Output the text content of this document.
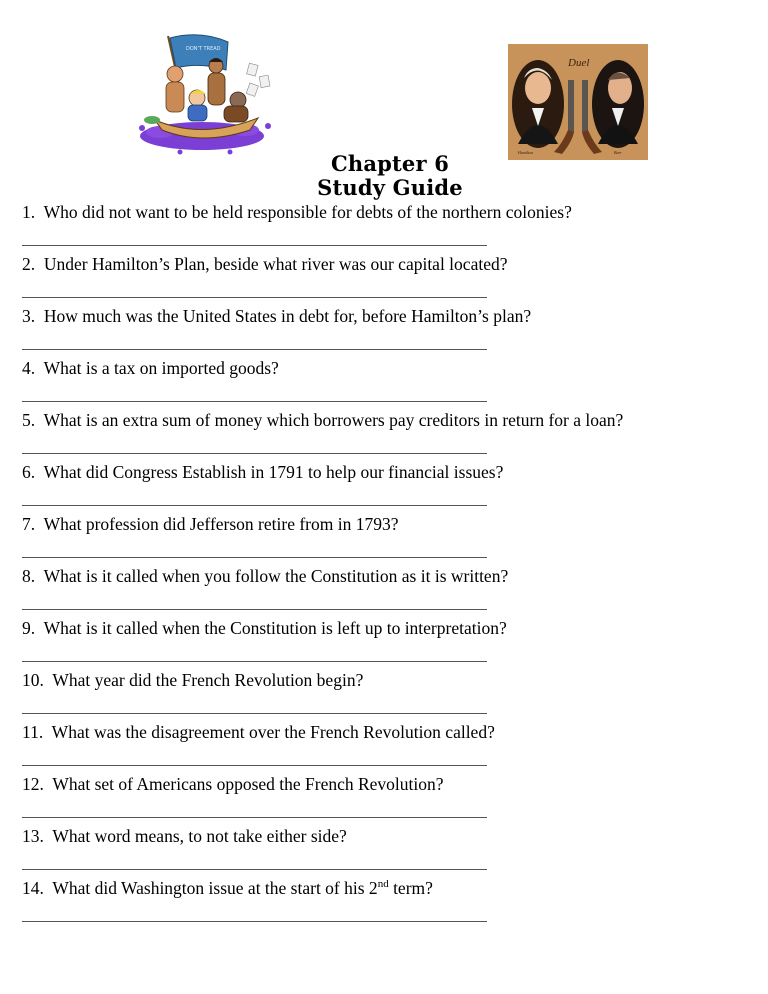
DON'T TREAD
Duel
Hamilton	Burr
Chapter 6
Study Guide
1. Who did not want to be held responsible for debts of the northern colonies?
2. Under Hamilton’s Plan, beside what river was our capital located?
3. How much was the United States in debt for, before Hamilton’s plan?
4. What is a tax on imported goods?
5. What is an extra sum of money which borrowers pay creditors in return for a loan?
6. What did Congress Establish in 1791 to help our financial issues?
7. What profession did Jefferson retire from in 1793?
8. What is it called when you follow the Constitution as it is written?
9. What is it called when the Constitution is left up to interpretation?
10. What year did the French Revolution begin?
11. What was the disagreement over the French Revolution called?
12. What set of Americans opposed the French Revolution?
13. What word means, to not take either side?
14. What did Washington issue at the start of his 2nd term?
